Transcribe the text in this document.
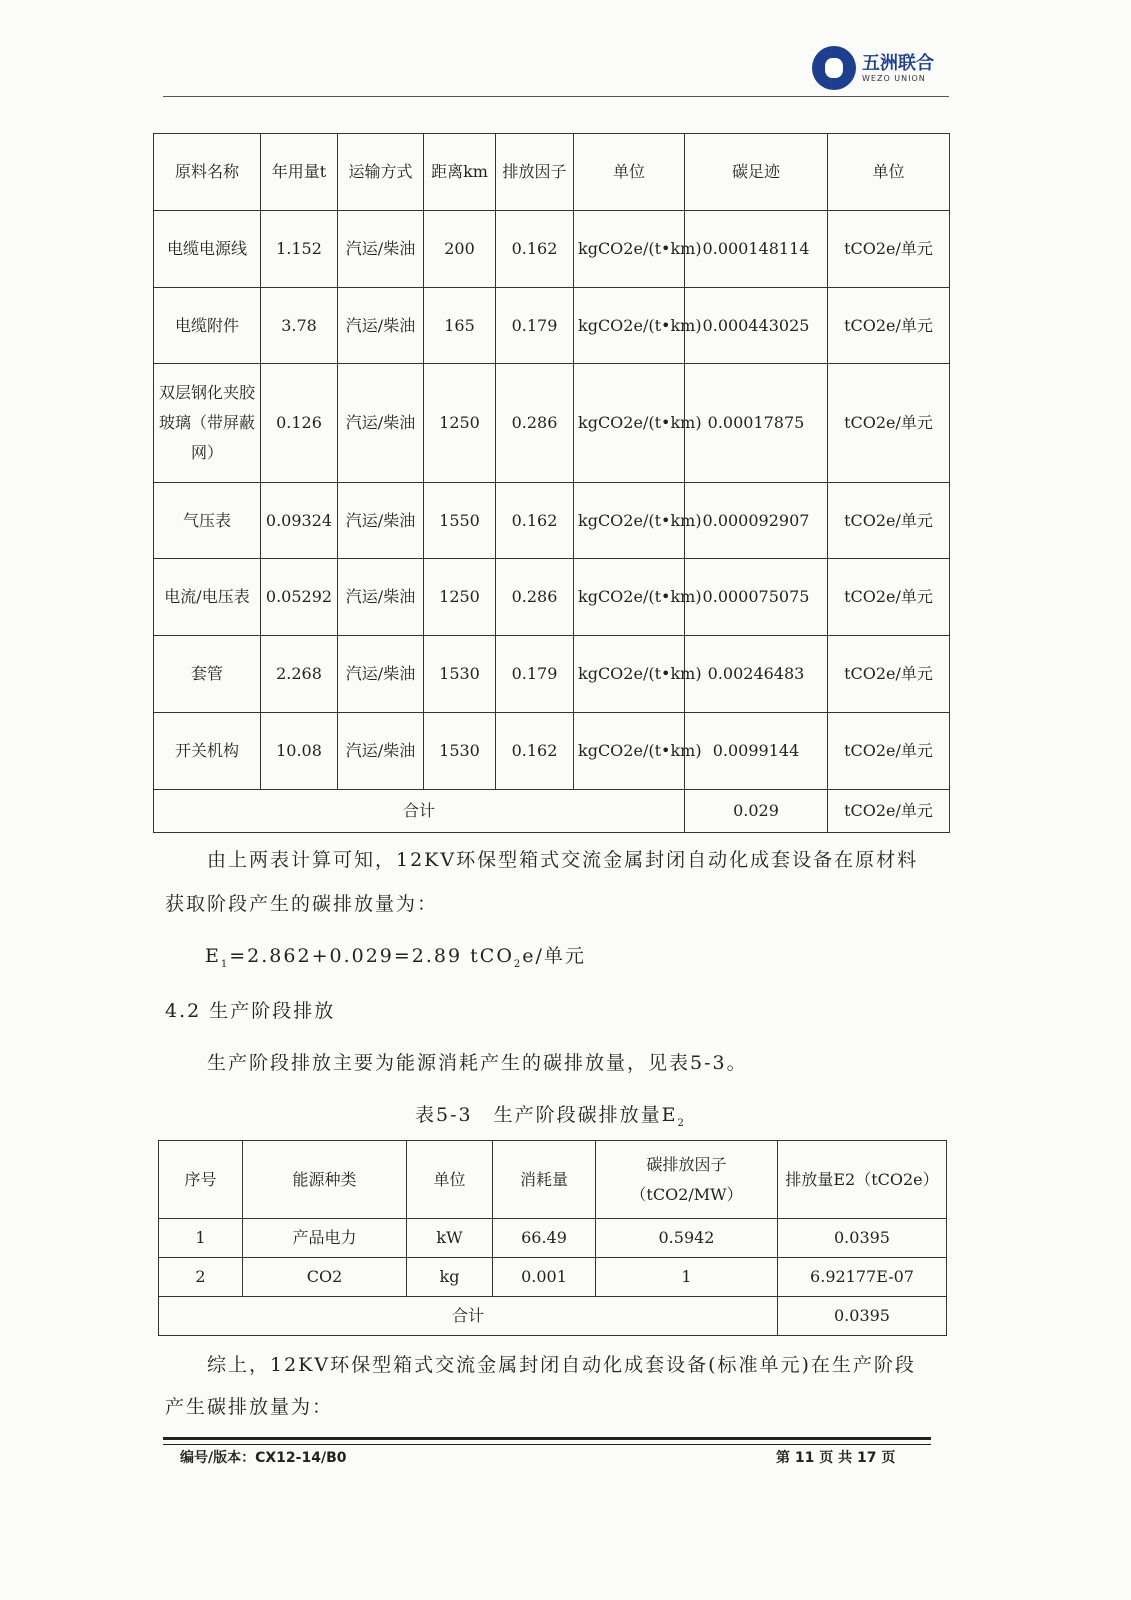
五洲联合
WEZO UNION
原料名称	年用量t	运输方式	距离km	排放因子	单位	碳足迹	单位
电缆电源线	1.152	汽运/柴油	200	0.162	kgCO2e/(t•km)	0.000148114	tCO2e/单元
电缆附件	3.78	汽运/柴油	165	0.179	kgCO2e/(t•km)	0.000443025	tCO2e/单元
双层钢化夹胶玻璃（带屏蔽网）	0.126	汽运/柴油	1250	0.286	kgCO2e/(t•km)	0.00017875	tCO2e/单元
气压表	0.09324	汽运/柴油	1550	0.162	kgCO2e/(t•km)	0.000092907	tCO2e/单元
电流/电压表	0.05292	汽运/柴油	1250	0.286	kgCO2e/(t•km)	0.000075075	tCO2e/单元
套管	2.268	汽运/柴油	1530	0.179	kgCO2e/(t•km)	0.00246483	tCO2e/单元
开关机构	10.08	汽运/柴油	1530	0.162	kgCO2e/(t•km)	0.0099144	tCO2e/单元
合计						0.029	tCO2e/单元
由上两表计算可知，12KV环保型箱式交流金属封闭自动化成套设备在原材料
获取阶段产生的碳排放量为：
$E_1=2.862+0.029=2.89$ tCO$_2$e/单元
4.2 生产阶段排放
生产阶段排放主要为能源消耗产生的碳排放量，见表5-3。
表5-3　生产阶段碳排放量$E_2$
序号	能源种类	单位	消耗量	碳排放因子（tCO2/MW）	排放量E2（tCO2e）
1	产品电力	kW	66.49	0.5942	0.0395
2	CO2	kg	0.001	1	6.92177E-07
合计					0.0395
综上，12KV环保型箱式交流金属封闭自动化成套设备(标准单元)在生产阶段
产生碳排放量为：
编号/版本：CX12-14/B0	第 11 页 共 17 页
